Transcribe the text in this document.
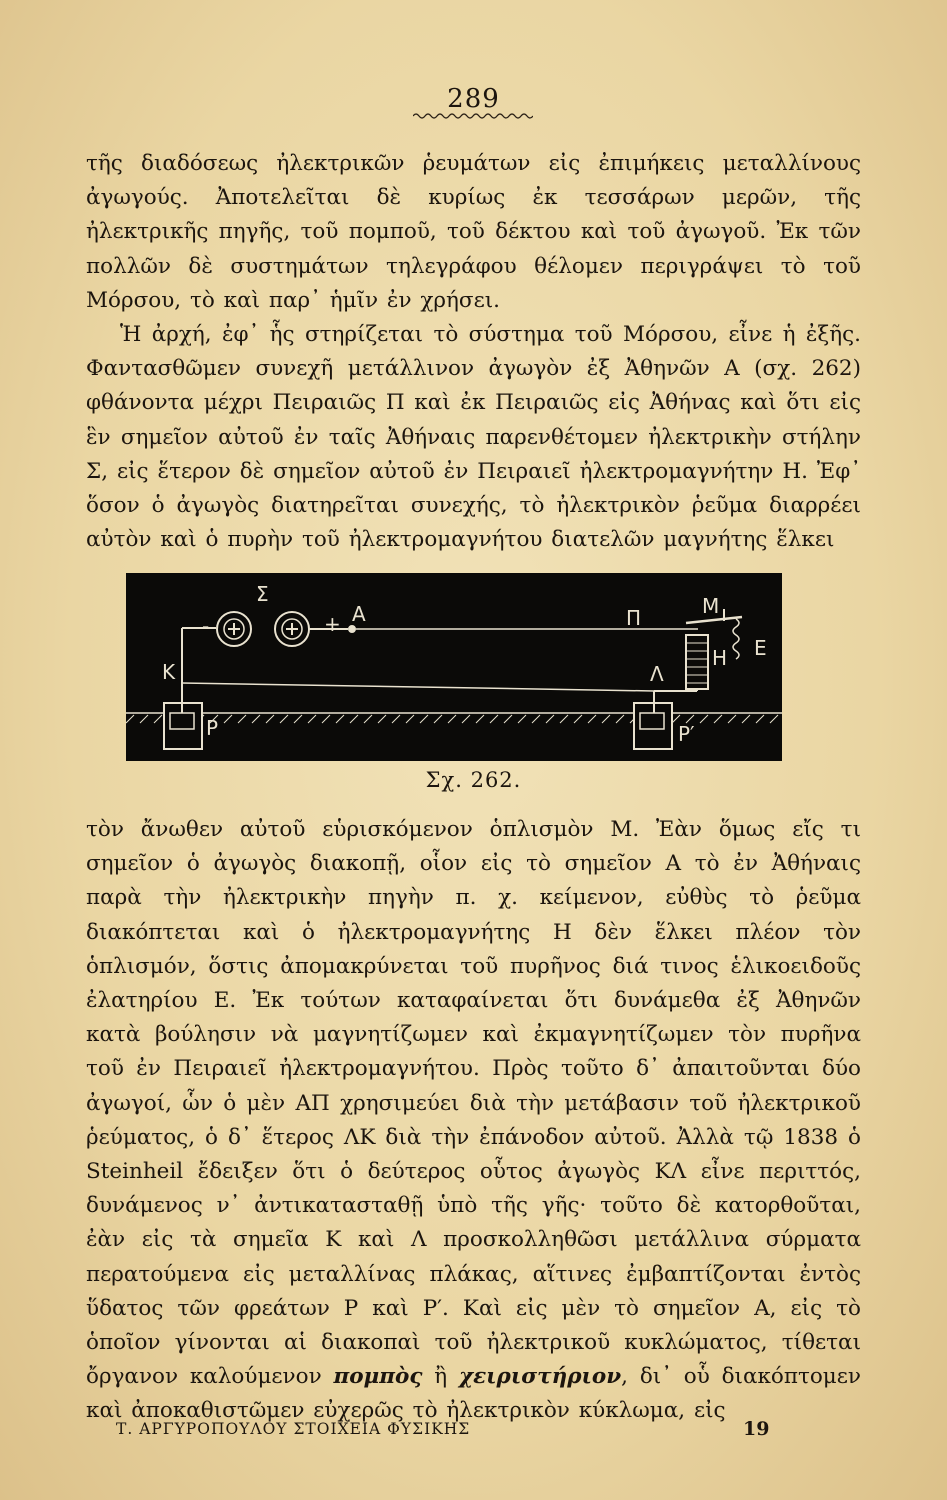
289

τῆς διαδόσεως ἠλεκτρικῶν ῥευμάτων εἰς ἐπιμήκεις μεταλλίνους ἀγωγούς. Ἀποτελεῖται δὲ κυρίως ἐκ τεσσάρων μερῶν, τῆς ἠλεκτρικῆς πηγῆς, τοῦ πομποῦ, τοῦ δέκτου καὶ τοῦ ἀγωγοῦ. Ἐκ τῶν πολλῶν δὲ συστημάτων τηλεγράφου θέλομεν περιγράψει τὸ τοῦ Μόρσου, τὸ καὶ παρ᾽ ἡμῖν ἐν χρήσει.

Ἡ ἀρχή, ἐφ᾽ ἧς στηρίζεται τὸ σύστημα τοῦ Μόρσου, εἶνε ἡ ἐξῆς. Φαντασθῶμεν συνεχῆ μετάλλινον ἀγωγὸν ἐξ Ἀθηνῶν Α (σχ. 262) φθάνοντα μέχρι Πειραιῶς Π καὶ ἐκ Πειραιῶς εἰς Ἀθήνας καὶ ὅτι εἰς ἓν σημεῖον αὐτοῦ ἐν ταῖς Ἀθήναις παρενθέτομεν ἠλεκτρικὴν στήλην Σ, εἰς ἕτερον δὲ σημεῖον αὐτοῦ ἐν Πειραιεῖ ἠλεκτρομαγνήτην Η. Ἐφ᾽ ὅσον ὁ ἀγωγὸς διατηρεῖται συνεχής, τὸ ἠλεκτρικὸν ῥεῦμα διαρρέει αὐτὸν καὶ ὁ πυρὴν τοῦ ἠλεκτρομαγνήτου διατελῶν μαγνήτης ἕλκει

Σ
-	+ Α	Π	Μ
Η Ε
Κ	Λ
Ρ	Ρ′
Σχ. 262.

τὸν ἄνωθεν αὐτοῦ εὑρισκόμενον ὁπλισμὸν Μ. Ἐὰν ὅμως εἴς τι σημεῖον ὁ ἀγωγὸς διακοπῇ, οἷον εἰς τὸ σημεῖον Α τὸ ἐν Ἀθήναις παρὰ τὴν ἠλεκτρικὴν πηγὴν π. χ. κείμενον, εὐθὺς τὸ ῥεῦμα διακόπτεται καὶ ὁ ἠλεκτρομαγνήτης Η δὲν ἕλκει πλέον τὸν ὁπλισμόν, ὅστις ἀπομακρύνεται τοῦ πυρῆνος διά τινος ἑλικοειδοῦς ἐλατηρίου Ε. Ἐκ τούτων καταφαίνεται ὅτι δυνάμεθα ἐξ Ἀθηνῶν κατὰ βούλησιν νὰ μαγνητίζωμεν καὶ ἐκμαγνητίζωμεν τὸν πυρῆνα τοῦ ἐν Πειραιεῖ ἠλεκτρομαγνήτου. Πρὸς τοῦτο δ᾽ ἀπαιτοῦνται δύο ἀγωγοί, ὧν ὁ μὲν ΑΠ χρησιμεύει διὰ τὴν μετάβασιν τοῦ ἠλεκτρικοῦ ῥεύματος, ὁ δ᾽ ἕτερος ΛΚ διὰ τὴν ἐπάνοδον αὐτοῦ. Ἀλλὰ τῷ 1838 ὁ Steinheil ἔδειξεν ὅτι ὁ δεύτερος οὗτος ἀγωγὸς ΚΛ εἶνε περιττός, δυνάμενος ν᾽ ἀντικατασταθῇ ὑπὸ τῆς γῆς· τοῦτο δὲ κατορθοῦται, ἐὰν εἰς τὰ σημεῖα Κ καὶ Λ προσκολληθῶσι μετάλλινα σύρματα περατούμενα εἰς μεταλλίνας πλάκας, αἵτινες ἐμβαπτίζονται ἐντὸς ὕδατος τῶν φρεάτων Ρ καὶ Ρ′. Καὶ εἰς μὲν τὸ σημεῖον Α, εἰς τὸ ὁποῖον γίνονται αἱ διακοπαὶ τοῦ ἠλεκτρικοῦ κυκλώματος, τίθεται ὄργανον καλούμενον πομπὸς ἢ χειριστήριον, δι᾽ οὗ διακόπτομεν καὶ ἀποκαθιστῶμεν εὐχερῶς τὸ ἠλεκτρικὸν κύκλωμα, εἰς

Τ. ΑΡΓΥΡΟΠΟΥΛΟΥ ΣΤΟΙΧΕΙΑ ΦΥΣΙΚΗΣ	19
